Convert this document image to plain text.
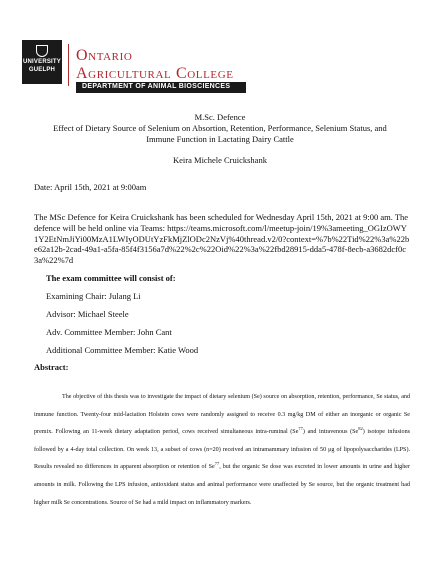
UNIVERSITY
GUELPH
Ontario
Agricultural College
DEPARTMENT OF ANIMAL BIOSCIENCES
M.Sc. Defence
Effect of Dietary Source of Selenium on Absortion, Retention, Performance, Selenium Status, and Immune Function in Lactating Dairy Cattle
Keira Michele Cruickshank
Date: April 15th, 2021 at 9:00am
The MSc Defence for Keira Cruickshank has been scheduled for Wednesday April 15th, 2021 at 9:00 am. The defence will be held online via Teams: https://teams.microsoft.com/l/meetup-join/19%3ameeting_OGIzOWY1Y2EtNmJiYi00MzA1LWIyODUtYzFkMjZlODc2NzVj%40thread.v2/0?context=%7b%22Tid%22%3a%22be62a12b-2cad-49a1-a5fa-85f4f3156a7d%22%2c%22Oid%22%3a%22fbd28915-dda5-478f-8ecb-a3682dcf0c3a%22%7d
The exam committee will consist of:
Examining Chair: Julang Li
Advisor: Michael Steele
Adv. Committee Member: John Cant
Additional Committee Member: Katie Wood
Abstract:
The objective of this thesis was to investigate the impact of dietary selenium (Se) source on absorption, retention, performance, Se status, and immune function. Twenty-four mid-lactation Holstein cows were randomly assigned to receive 0.3 mg/kg DM of either an inorganic or organic Se premix. Following an 11-week dietary adaptation period, cows received simultaneous intra-ruminal (Se$^{77}$) and intravenous (Se$^{82}$) isotope infusions followed by a 4-day total collection. On week 13, a subset of cows (n=20) received an intramammary infusion of 50 μg of lipopolysaccharides (LPS). Results revealed no differences in apparent absorption or retention of Se$^{77}$, but the organic Se dose was excreted in lower amounts in urine and higher amounts in milk. Following the LPS infusion, antioxidant status and animal performance were unaffected by Se source, but the organic treatment had higher milk Se concentrations. Source of Se had a mild impact on inflammatory markers.
